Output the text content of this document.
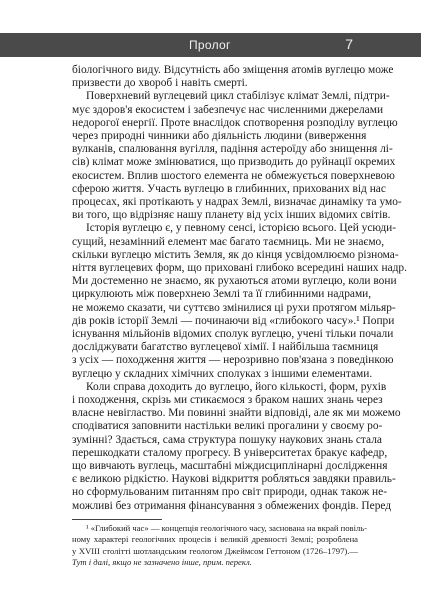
Пролог	7
біологічного виду. Відсутність або зміщення атомів вуглецю може
призвести до хвороб і навіть смерті.
Поверхневий вуглецевий цикл стабілізує клімат Землі, підтри-
мує здоров'я екосистем і забезпечує нас численними джерелами
недорогої енергії. Проте внаслідок спотворення розподілу вуглецю
через природні чинники або діяльність людини (виверження
вулканів, спалювання вугілля, падіння астероїду або знищення лі-
сів) клімат може змінюватися, що призводить до руйнації окремих
екосистем. Вплив шостого елемента не обмежується поверхневою
сферою життя. Участь вуглецю в глибинних, прихованих від нас
процесах, які протікають у надрах Землі, визначає динаміку та умо-
ви того, що відрізняє нашу планету від усіх інших відомих світів.
Історія вуглецю є, у певному сенсі, історією всього. Цей усюди-
сущий, незамінний елемент має багато таємниць. Ми не знаємо,
скільки вуглецю містить Земля, як до кінця усвідомлюємо різнома-
ніття вуглецевих форм, що приховані глибоко всередині наших надр.
Ми достеменно не знаємо, як рухаються атоми вуглецю, коли вони
циркулюють між поверхнею Землі та її глибинними надрами,
не можемо сказати, чи суттєво змінилися ці рухи протягом мільяр-
дів років історії Землі — починаючи від «глибокого часу».¹ Попри
існування мільйонів відомих сполук вуглецю, учені тільки почали
досліджувати багатство вуглецевої хімії. І найбільша таємниця
з усіх — походження життя — нерозривно пов'язана з поведінкою
вуглецю у складних хімічних сполуках з іншими елементами.
Коли справа доходить до вуглецю, його кількості, форм, рухів
і походження, скрізь ми стикаємося з браком наших знань через
власне невігластво. Ми повинні знайти відповіді, але як ми можемо
сподіватися заповнити настільки великі прогалини у своєму ро-
зумінні? Здається, сама структура пошуку наукових знань стала
перешкодкати сталому прогресу. В університетах бракує кафедр,
що вивчають вуглець, масштабні міждисциплінарні дослідження
є великою рідкістю. Наукові відкриття робляться завдяки правиль-
но сформульованим питанням про світ природи, однак також не-
можливі без отримання фінансування з обмежених фондів. Перед
¹ «Глибокий час» — концепція геологічного часу, заснована на вкрай повіль-
ному характері геологічних процесів і великій древності Землі; розроблена
у XVIII столітті шотландським геологом Джеймсом Геттоном (1726–1797).—
Тут і далі, якщо не зазначено інше, прим. перекл.
